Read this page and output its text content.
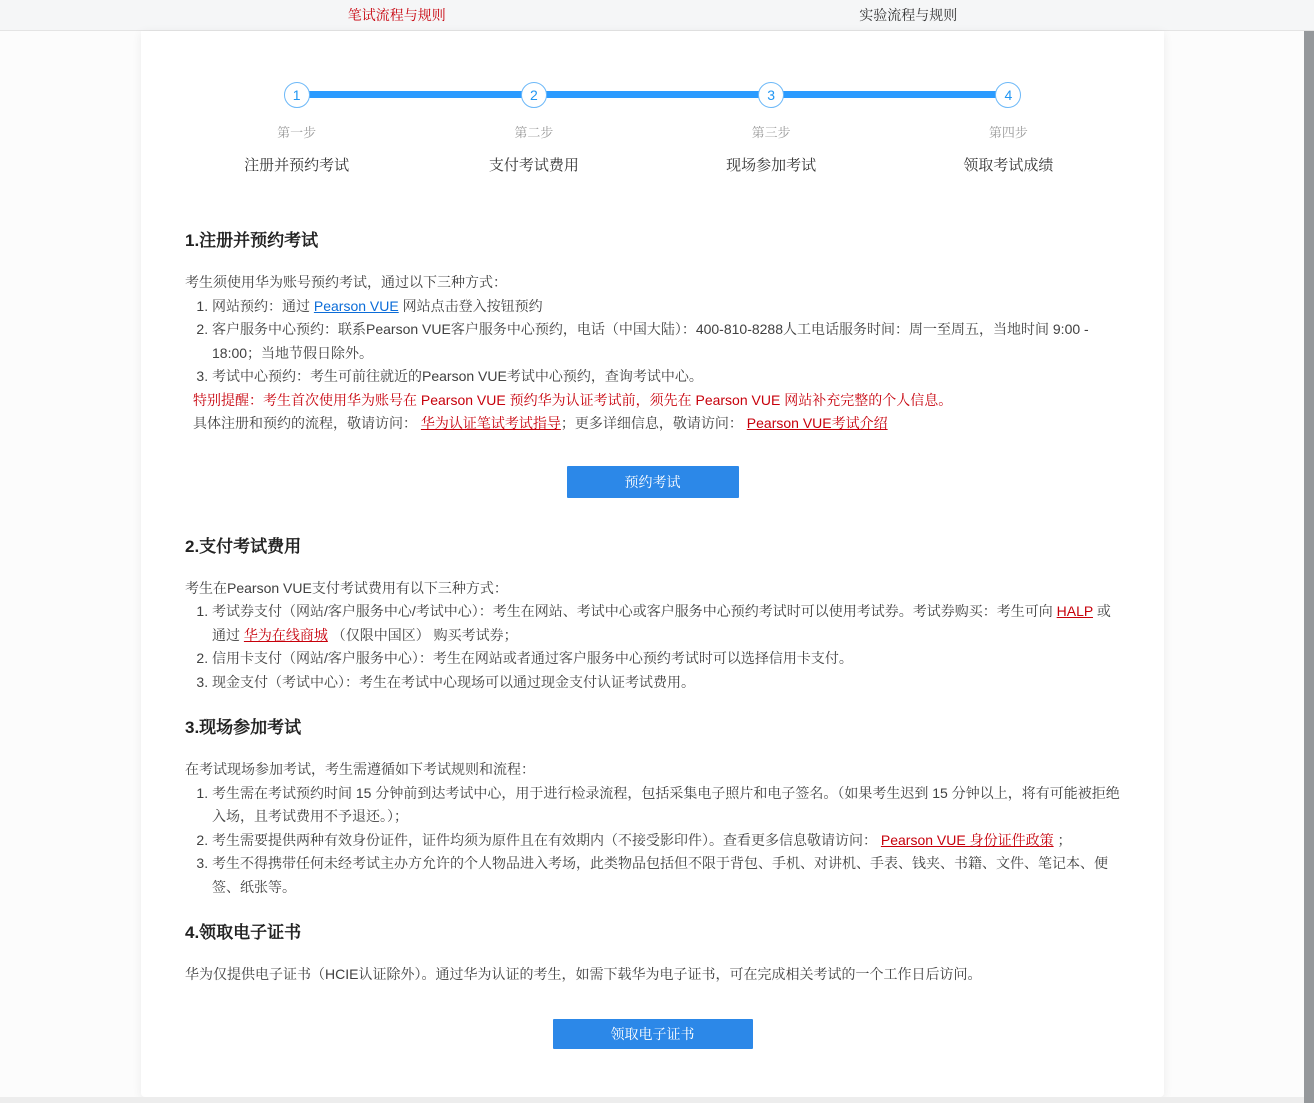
笔试流程与规则	实验流程与规则
1
第一步
注册并预约考试
2
第二步
支付考试费用
3
第三步
现场参加考试
4
第四步
领取考试成绩
1.注册并预约考试

考生须使用华为账号预约考试，通过以下三种方式：

1. 网站预约：通过 Pearson VUE 网站点击登入按钮预约
2. 客户服务中心预约：联系Pearson VUE客户服务中心预约，电话（中国大陆）：400-810-8288人工电话服务时间：周一至周五，当地时间 9:00 - 18:00；当地节假日除外。
3. 考试中心预约：考生可前往就近的Pearson VUE考试中心预约，查询考试中心。

特别提醒：考生首次使用华为账号在 Pearson VUE 预约华为认证考试前，须先在 Pearson VUE 网站补充完整的个人信息。

具体注册和预约的流程，敬请访问： 华为认证笔试考试指导；更多详细信息，敬请访问： Pearson VUE考试介绍

预约考试
2.支付考试费用

考生在Pearson VUE支付考试费用有以下三种方式：

1. 考试券支付（网站/客户服务中心/考试中心）：考生在网站、考试中心或客户服务中心预约考试时可以使用考试券。考试券购买：考生可向 HALP 或通过 华为在线商城 （仅限中国区） 购买考试券；
2. 信用卡支付（网站/客户服务中心）：考生在网站或者通过客户服务中心预约考试时可以选择信用卡支付。
3. 现金支付（考试中心）：考生在考试中心现场可以通过现金支付认证考试费用。
3.现场参加考试

在考试现场参加考试，考生需遵循如下考试规则和流程：

1. 考生需在考试预约时间 15 分钟前到达考试中心，用于进行检录流程，包括采集电子照片和电子签名。（如果考生迟到 15 分钟以上，将有可能被拒绝入场，且考试费用不予退还。）；
2. 考生需要提供两种有效身份证件，证件均须为原件且在有效期内（不接受影印件）。查看更多信息敬请访问： Pearson VUE 身份证件政策 ；
3. 考生不得携带任何未经考试主办方允许的个人物品进入考场，此类物品包括但不限于背包、手机、对讲机、手表、钱夹、书籍、文件、笔记本、便签、纸张等。
4.领取电子证书

华为仅提供电子证书（HCIE认证除外）。通过华为认证的考生，如需下载华为电子证书，可在完成相关考试的一个工作日后访问。

领取电子证书
